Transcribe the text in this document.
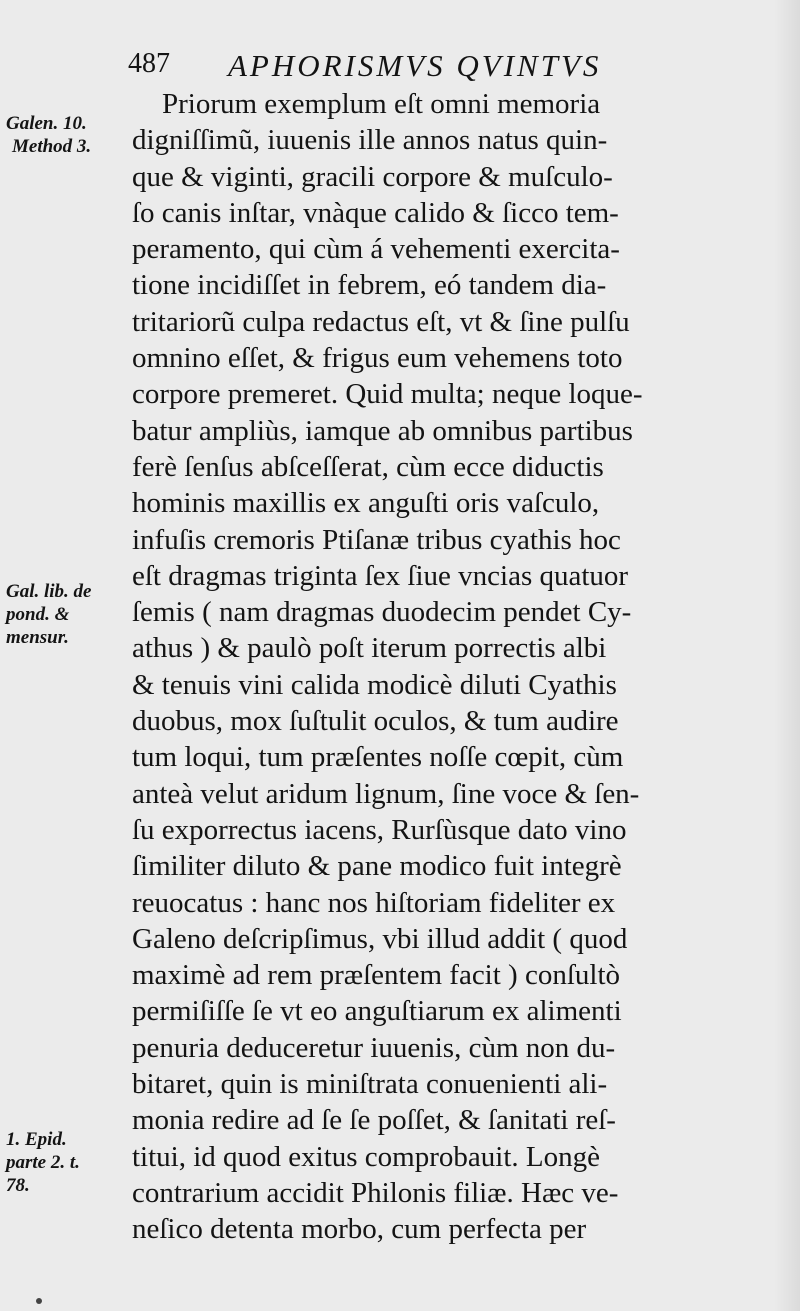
487 APHORISMVS QVINTVS
Galen. 10.
Method 3.
Gal. lib. de
pond. &
mensur.
1. Epid.
parte 2. t.
78.
Priorum exemplum eſt omni memoria
digniſſimũ, iuuenis ille annos natus quin-
que & viginti, gracili corpore & muſculo-
ſo canis inſtar, vnàque calido & ſicco tem-
peramento, qui cùm á vehementi exercita-
tione incidiſſet in febrem, eó tandem dia-
tritariorũ culpa redactus eſt, vt & ſine pulſu
omnino eſſet, & frigus eum vehemens toto
corpore premeret. Quid multa; neque loque-
batur ampliùs, iamque ab omnibus partibus
ferè ſenſus abſceſſerat, cùm ecce diductis
hominis maxillis ex anguſti oris vaſculo,
infuſis cremoris Ptiſanæ tribus cyathis hoc
eſt dragmas triginta ſex ſiue vncias quatuor
ſemis ( nam dragmas duodecim pendet Cy-
athus ) & paulò poſt iterum porrectis albi
& tenuis vini calida modicè diluti Cyathis
duobus, mox ſuſtulit oculos, & tum audire
tum loqui, tum præſentes noſſe cœpit, cùm
anteà velut aridum lignum, ſine voce & ſen-
ſu exporrectus iacens, Rurſùsque dato vino
ſimiliter diluto & pane modico fuit integrè
reuocatus : hanc nos hiſtoriam fideliter ex
Galeno deſcripſimus, vbi illud addit ( quod
maximè ad rem præſentem facit ) conſultò
permiſiſſe ſe vt eo anguſtiarum ex alimenti
penuria deduceretur iuuenis, cùm non du-
bitaret, quin is miniſtrata conuenienti ali-
monia redire ad ſe ſe poſſet, & ſanitati reſ-
titui, id quod exitus comprobauit. Longè
contrarium accidit Philonis filiæ. Hæc ve-
neſico detenta morbo, cum perfecta per
